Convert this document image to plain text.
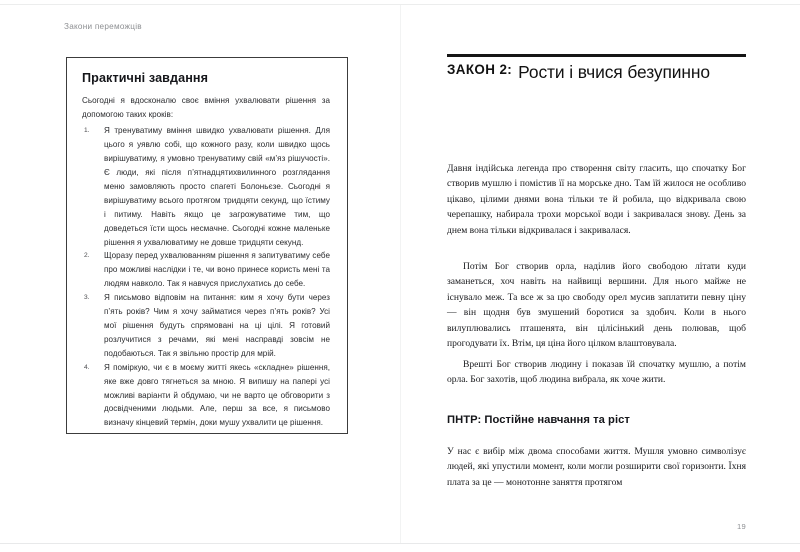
Закони переможців
Практичні завдання

Сьогодні я вдосконалю своє вміння ухвалювати рішення за допомогою таких кроків:

1. Я тренуватиму вміння швидко ухвалювати рішення. Для цього я уявлю собі, що кожного разу, коли швидко щось вирішуватиму, я умовно тренуватиму свій «м’яз рішучості». Є люди, які після п’ятнадцятихвилинного розглядання меню замовляють просто спагеті Болоньєзе. Сьогодні я вирішуватиму всього протягом тридцяти секунд, що їстиму і питиму. Навіть якщо це загрожуватиме тим, що доведеться їсти щось несмачне. Сьогодні кожне маленьке рішення я ухвалюватиму не довше тридцяти секунд.
2. Щоразу перед ухвалюванням рішення я запитуватиму себе про можливі наслідки і те, чи воно принесе користь мені та людям навколо. Так я навчуся прислухатись до себе.
3. Я письмово відповім на питання: ким я хочу бути через п’ять років? Чим я хочу займатися через п’ять років? Усі мої рішення будуть спрямовані на ці цілі. Я готовий розлучитися з речами, які мені насправді зовсім не подобаються. Так я звільню простір для мрій.
4. Я поміркую, чи є в моєму житті якесь «складне» рішення, яке вже довго тягнеться за мною. Я випишу на папері усі можливі варіанти й обдумаю, чи не варто це обговорити з досвідченими людьми. Але, перш за все, я письмово визначу кінцевий термін, доки мушу ухвалити це рішення.
$^{ЗАКОН 2:}$ Рости і вчися безупинно

Давня індійська легенда про створення світу гласить, що спочатку Бог створив мушлю і помістив її на морське дно. Там їй жилося не особливо цікаво, цілими днями вона тільки те й робила, що відкривала свою черепашку, набирала трохи морської води і закривалася знову. День за днем вона тільки відкривалася і закривалася.

Потім Бог створив орла, наділив його свободою літати куди заманеться, хоч навіть на найвищі вершини. Для нього майже не існувало меж. Та все ж за цю свободу орел мусив заплатити певну ціну — він щодня був змушений боротися за здобич. Коли в нього вилуплювались пташенята, він цілісінький день полював, щоб прогодувати їх. Втім, ця ціна його цілком влаштовувала.

Врешті Бог створив людину і показав їй спочатку мушлю, а потім орла. Бог захотів, щоб людина вибрала, як хоче жити.

ПНТР: Постійне навчання та ріст

У нас є вибір між двома способами життя. Мушля умовно символізує людей, які упустили момент, коли могли розширити свої горизонти. Їхня плата за це — монотонне заняття протягом

19
